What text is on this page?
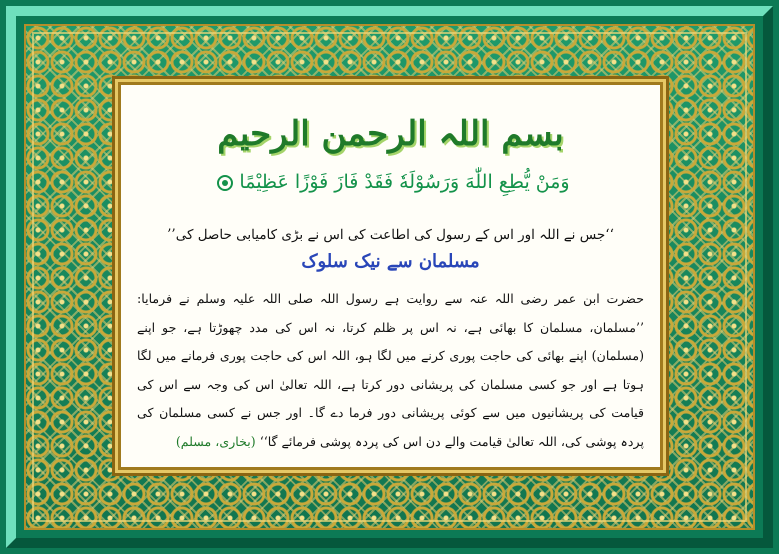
بسم اللہ الرحمن الرحیم
وَمَنْ يُّطِعِ اللّٰهَ وَرَسُوْلَهٗ فَقَدْ فَازَ فَوْزًا عَظِيْمًا
’’جس نے اللہ اور اس کے رسول کی اطاعت کی اس نے بڑی کامیابی حاصل کی‘‘
مسلمان سے نیک سلوک
حضرت ابن عمر رضی اللہ عنہ سے روایت ہے رسول اللہ صلی اللہ علیہ وسلم نے فرمایا: ’’مسلمان، مسلمان کا بھائی ہے، نہ اس پر ظلم کرتا، نہ اس کی مدد چھوڑتا ہے، جو اپنے (مسلمان) اپنے بھائی کی حاجت پوری کرنے میں لگا ہو، اللہ اس کی حاجت پوری فرمانے میں لگا ہوتا ہے اور جو کسی مسلمان کی پریشانی دور کرتا ہے، اللہ تعالیٰ اس کی وجہ سے اس کی قیامت کی پریشانیوں میں سے کوئی پریشانی دور فرما دے گا۔ اور جس نے کسی مسلمان کی پردہ پوشی کی، اللہ تعالیٰ قیامت والے دن اس کی پردہ پوشی فرمائے گا‘‘ (بخاری، مسلم)
